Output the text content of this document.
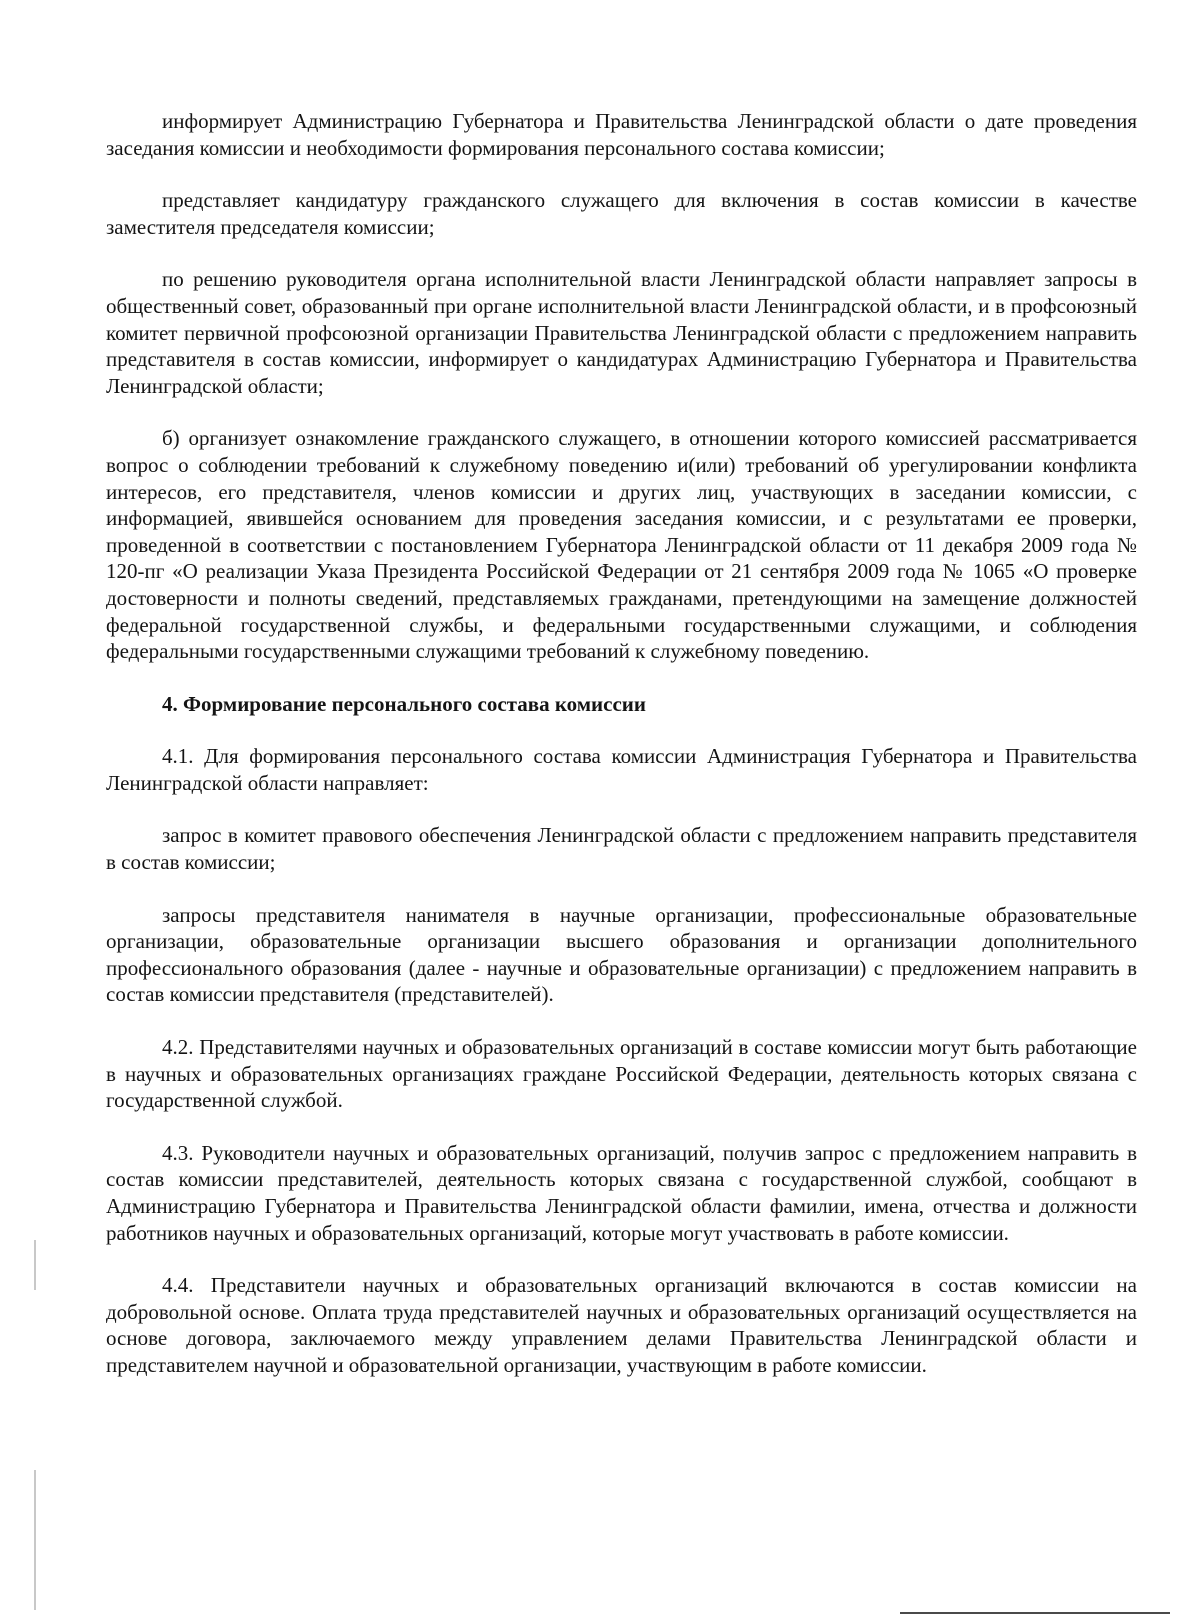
информирует Администрацию Губернатора и Правительства Ленинградской области о дате проведения заседания комиссии и необходимости формирования персонального состава комиссии;

представляет кандидатуру гражданского служащего для включения в состав комиссии в качестве заместителя председателя комиссии;

по решению руководителя органа исполнительной власти Ленинградской области направляет запросы в общественный совет, образованный при органе исполнительной власти Ленинградской области, и в профсоюзный комитет первичной профсоюзной организации Правительства Ленинградской области с предложением направить представителя в состав комиссии, информирует о кандидатурах Администрацию Губернатора и Правительства Ленинградской области;

б) организует ознакомление гражданского служащего, в отношении которого комиссией рассматривается вопрос о соблюдении требований к служебному поведению и(или) требований об урегулировании конфликта интересов, его представителя, членов комиссии и других лиц, участвующих в заседании комиссии, с информацией, явившейся основанием для проведения заседания комиссии, и с результатами ее проверки, проведенной в соответствии с постановлением Губернатора Ленинградской области от 11 декабря 2009 года № 120-пг «О реализации Указа Президента Российской Федерации от 21 сентября 2009 года № 1065 «О проверке достоверности и полноты сведений, представляемых гражданами, претендующими на замещение должностей федеральной государственной службы, и федеральными государственными служащими, и соблюдения федеральными государственными служащими требований к служебному поведению.

4. Формирование персонального состава комиссии

4.1. Для формирования персонального состава комиссии Администрация Губернатора и Правительства Ленинградской области направляет:

запрос в комитет правового обеспечения Ленинградской области с предложением направить представителя в состав комиссии;

запросы представителя нанимателя в научные организации, профессиональные образовательные организации, образовательные организации высшего образования и организации дополнительного профессионального образования (далее - научные и образовательные организации) с предложением направить в состав комиссии представителя (представителей).

4.2. Представителями научных и образовательных организаций в составе комиссии могут быть работающие в научных и образовательных организациях граждане Российской Федерации, деятельность которых связана с государственной службой.

4.3. Руководители научных и образовательных организаций, получив запрос с предложением направить в состав комиссии представителей, деятельность которых связана с государственной службой, сообщают в Администрацию Губернатора и Правительства Ленинградской области фамилии, имена, отчества и должности работников научных и образовательных организаций, которые могут участвовать в работе комиссии.

4.4. Представители научных и образовательных организаций включаются в состав комиссии на добровольной основе. Оплата труда представителей научных и образовательных организаций осуществляется на основе договора, заключаемого между управлением делами Правительства Ленинградской области и представителем научной и образовательной организации, участвующим в работе комиссии.
